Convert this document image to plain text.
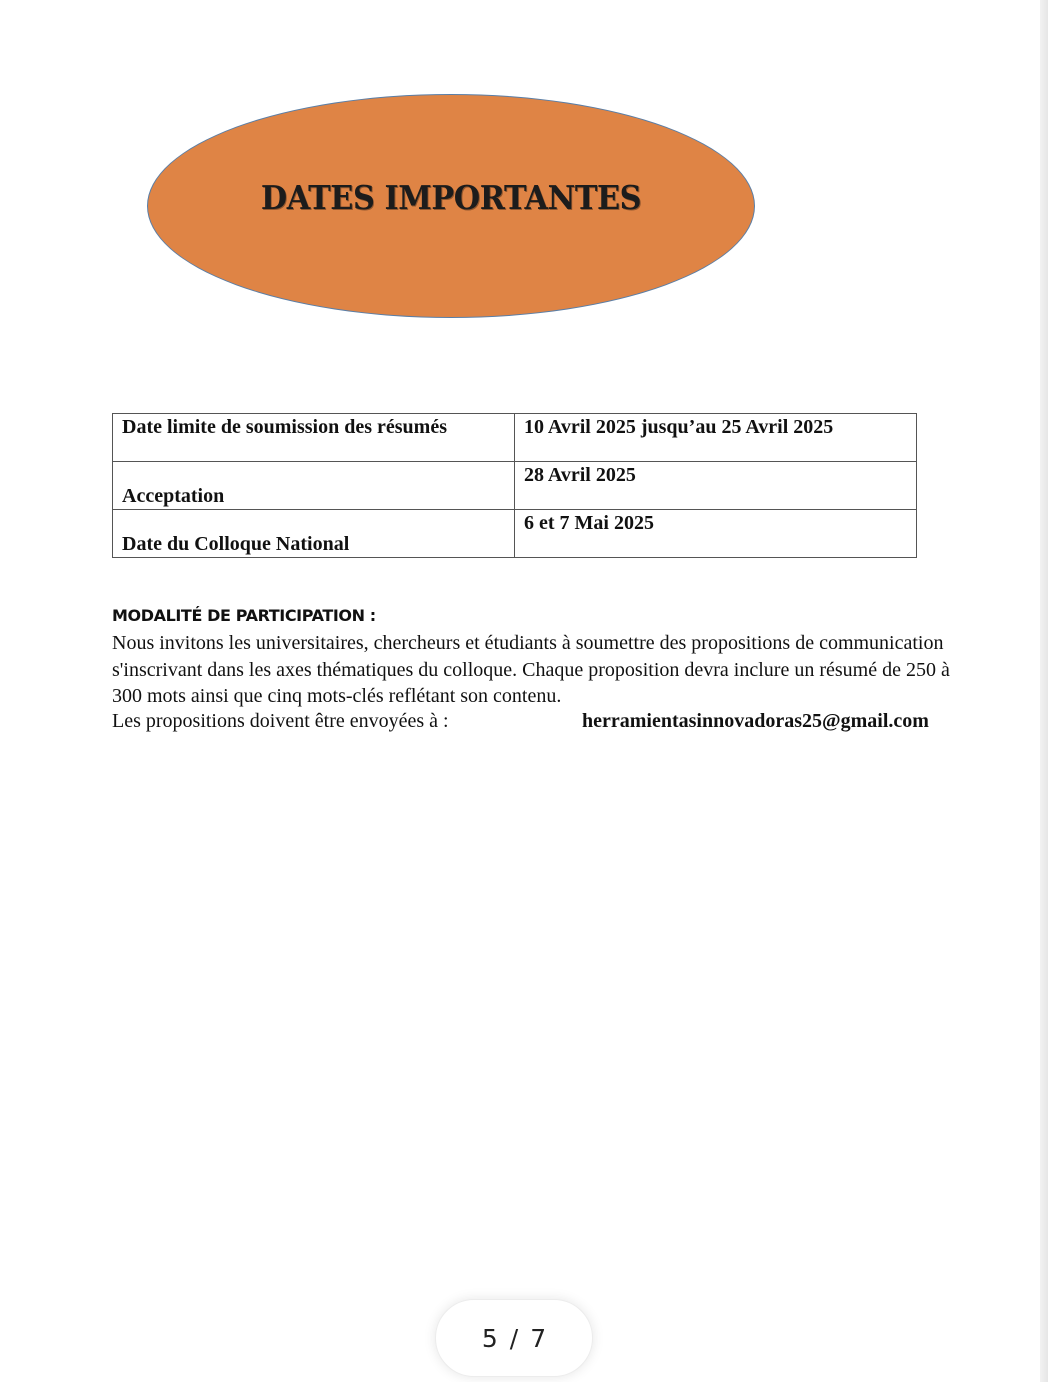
DATES IMPORTANTES
Date limite de soumission des résumés	10 Avril 2025 jusqu’au 25 Avril 2025

Acceptation	28 Avril 2025

Date du Colloque National	6 et 7 Mai 2025
MODALITÉ DE PARTICIPATION :

Nous invitons les universitaires, chercheurs et étudiants à soumettre des propositions de communication

s'inscrivant dans les axes thématiques du colloque. Chaque proposition devra inclure un résumé de 250 à

300 mots ainsi que cinq mots-clés reflétant son contenu.

Les propositions doivent être envoyées à :	herramientasinnovadoras25@gmail.com
5 / 7
